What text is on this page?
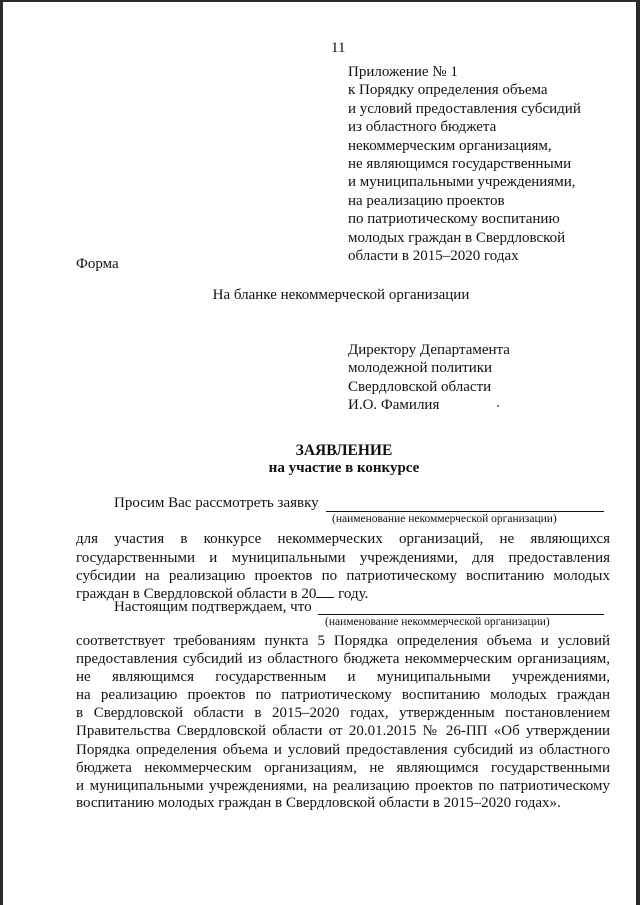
11
Приложение № 1
к Порядку определения объема
и условий предоставления субсидий
из областного бюджета
некоммерческим организациям,
не являющимся государственными
и муниципальными учреждениями,
на реализацию проектов
по патриотическому воспитанию
молодых граждан в Свердловской
области в 2015–2020 годах
Форма
На бланке некоммерческой организации
Директору Департамента
молодежной политики
Свердловской области
И.О. Фамилия
ЗАЯВЛЕНИЕ
на участие в конкурсе
Просим Вас рассмотреть заявку
(наименование некоммерческой организации)
для участия в конкурсе некоммерческих организаций, не являющихся
государственными и муниципальными учреждениями, для предоставления
субсидии на реализацию проектов по патриотическому воспитанию молодых
граждан в Свердловской области в 20 году.
Настоящим подтверждаем, что
(наименование некоммерческой организации)
соответствует требованиям пункта 5 Порядка определения объема и условий
предоставления субсидий из областного бюджета некоммерческим организациям,
не являющимся государственным и муниципальными учреждениями,
на реализацию проектов по патриотическому воспитанию молодых граждан
в Свердловской области в 2015–2020 годах, утвержденным постановлением
Правительства Свердловской области от 20.01.2015 № 26-ПП «Об утверждении
Порядка определения объема и условий предоставления субсидий из областного
бюджета некоммерческим организациям, не являющимся государственными
и муниципальными учреждениями, на реализацию проектов по патриотическому
воспитанию молодых граждан в Свердловской области в 2015–2020 годах».
